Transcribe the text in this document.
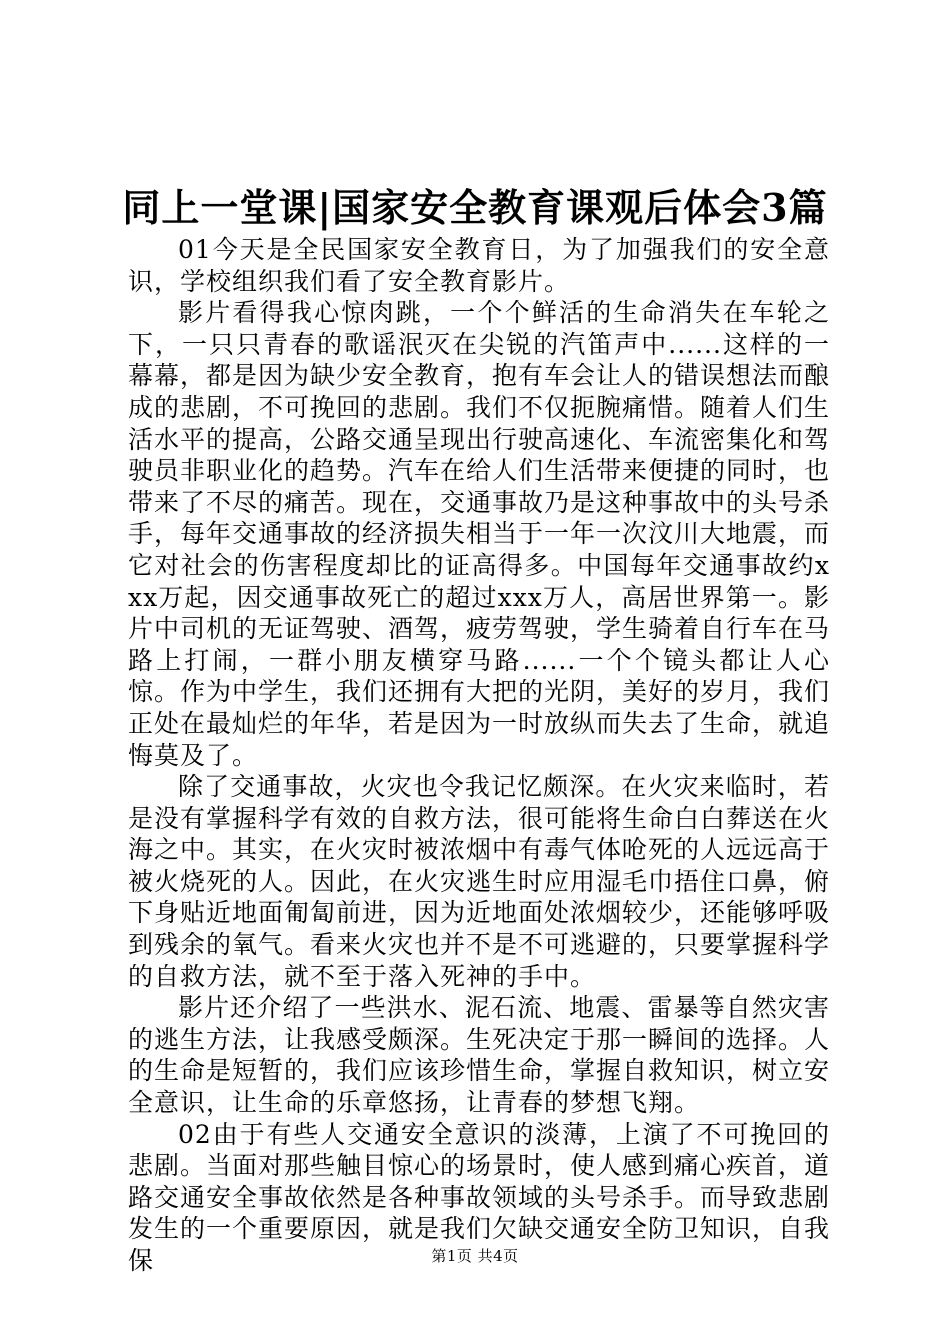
同上一堂课|国家安全教育课观后体会3篇

01今天是全民国家安全教育日，为了加强我们的安全意识，学校组织我们看了安全教育影片。

影片看得我心惊肉跳，一个个鲜活的生命消失在车轮之下，一只只青春的歌谣泯灭在尖锐的汽笛声中......这样的一幕幕，都是因为缺少安全教育，抱有车会让人的错误想法而酿成的悲剧，不可挽回的悲剧。我们不仅扼腕痛惜。随着人们生活水平的提高，公路交通呈现出行驶高速化、车流密集化和驾驶员非职业化的趋势。汽车在给人们生活带来便捷的同时，也带来了不尽的痛苦。现在，交通事故乃是这种事故中的头号杀手，每年交通事故的经济损失相当于一年一次汶川大地震，而它对社会的伤害程度却比的证高得多。中国每年交通事故约xxx万起，因交通事故死亡的超过xxx万人，高居世界第一。影片中司机的无证驾驶、酒驾，疲劳驾驶，学生骑着自行车在马路上打闹，一群小朋友横穿马路......一个个镜头都让人心惊。作为中学生，我们还拥有大把的光阴，美好的岁月，我们正处在最灿烂的年华，若是因为一时放纵而失去了生命，就追悔莫及了。

除了交通事故，火灾也令我记忆颇深。在火灾来临时，若是没有掌握科学有效的自救方法，很可能将生命白白葬送在火海之中。其实，在火灾时被浓烟中有毒气体呛死的人远远高于被火烧死的人。因此，在火灾逃生时应用湿毛巾捂住口鼻，俯下身贴近地面匍匐前进，因为近地面处浓烟较少，还能够呼吸到残余的氧气。看来火灾也并不是不可逃避的，只要掌握科学的自救方法，就不至于落入死神的手中。

影片还介绍了一些洪水、泥石流、地震、雷暴等自然灾害的逃生方法，让我感受颇深。生死决定于那一瞬间的选择。人的生命是短暂的，我们应该珍惜生命，掌握自救知识，树立安全意识，让生命的乐章悠扬，让青春的梦想飞翔。

02由于有些人交通安全意识的淡薄，上演了不可挽回的悲剧。当面对那些触目惊心的场景时，使人感到痛心疾首，道路交通安全事故依然是各种事故领域的头号杀手。而导致悲剧发生的一个重要原因，就是我们欠缺交通安全防卫知识，自我保	第1页 共4页
